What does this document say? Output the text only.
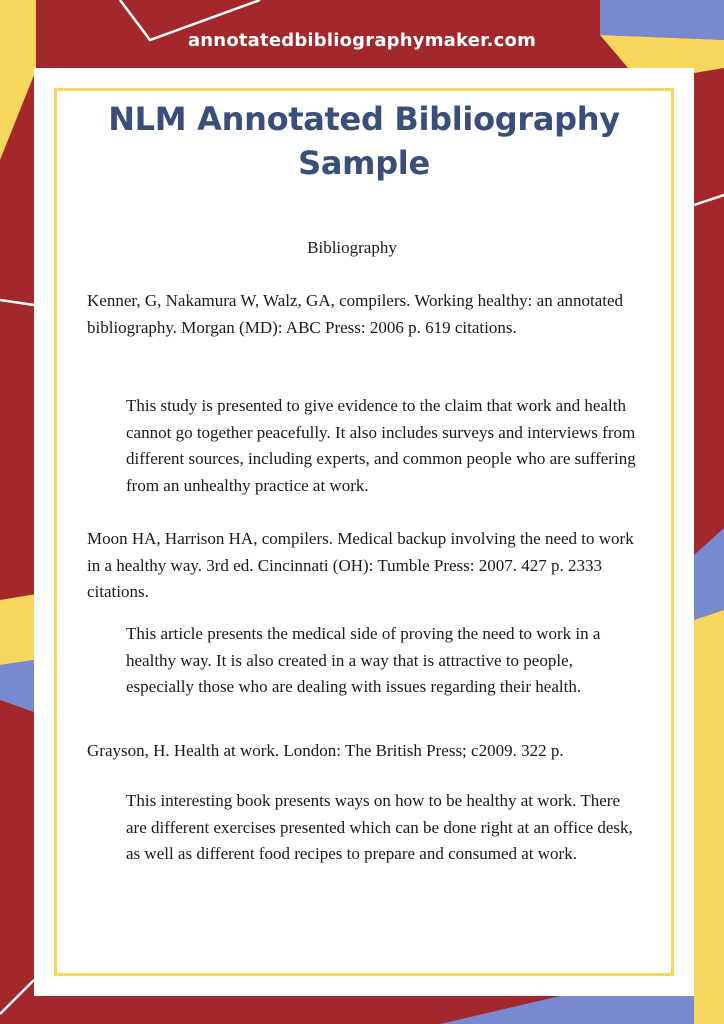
annotatedbibliographymaker.com
NLM Annotated Bibliography
Sample
Bibliography
Kenner, G, Nakamura W, Walz, GA, compilers. Working healthy: an annotated bibliography. Morgan (MD): ABC Press: 2006 p. 619 citations.
This study is presented to give evidence to the claim that work and health cannot go together peacefully. It also includes surveys and interviews from different sources, including experts, and common people who are suffering from an unhealthy practice at work.
Moon HA, Harrison HA, compilers. Medical backup involving the need to work in a healthy way. 3rd ed. Cincinnati (OH): Tumble Press: 2007. 427 p. 2333 citations.
This article presents the medical side of proving the need to work in a healthy way. It is also created in a way that is attractive to people, especially those who are dealing with issues regarding their health.
Grayson, H. Health at work. London: The British Press; c2009. 322 p.
This interesting book presents ways on how to be healthy at work. There are different exercises presented which can be done right at an office desk, as well as different food recipes to prepare and consumed at work.
